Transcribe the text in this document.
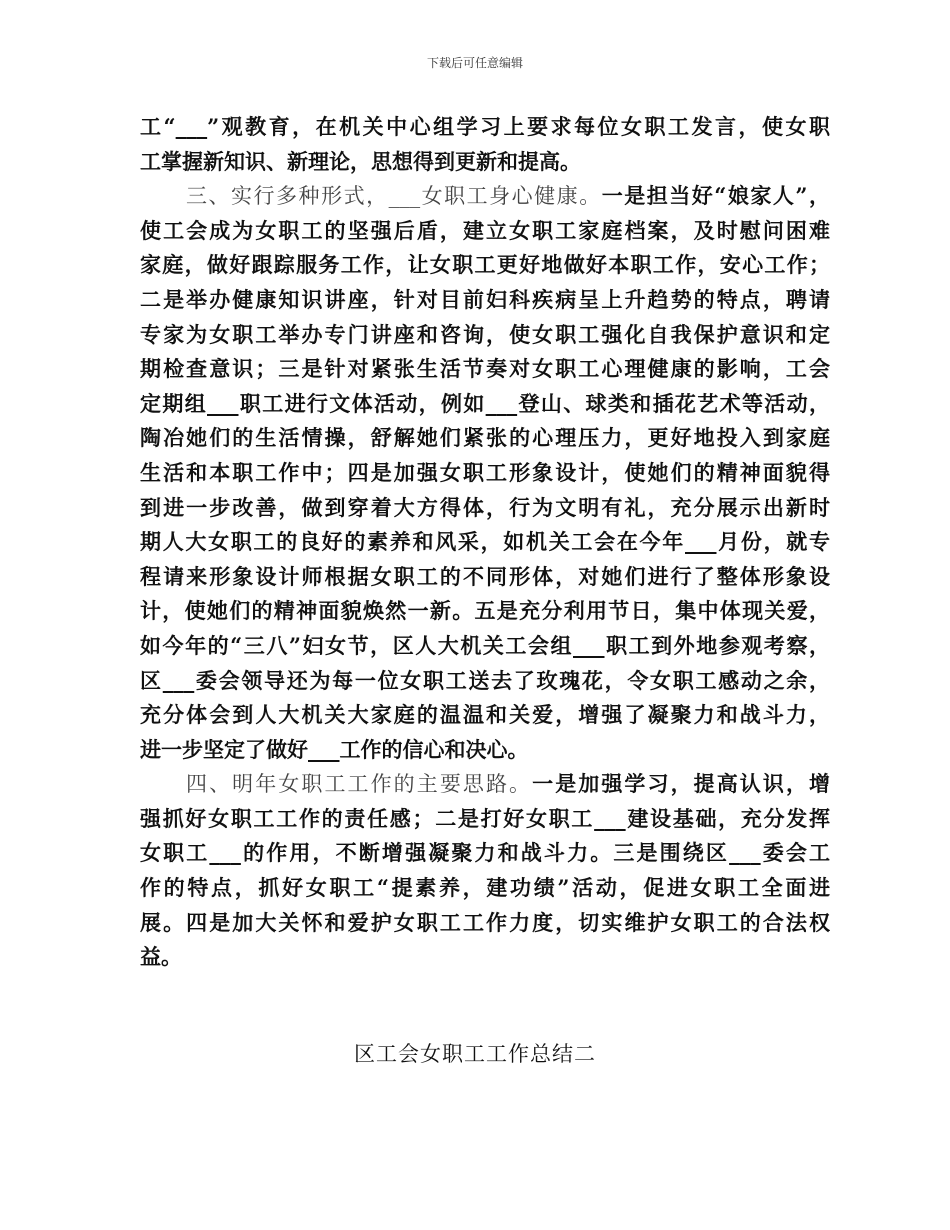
下载后可任意编辑
工“___”观教育，在机关中心组学习上要求每位女职工发言，使女职
工掌握新知识、新理论，思想得到更新和提高。
三、实行多种形式，___女职工身心健康。一是担当好“娘家人”，
使工会成为女职工的坚强后盾，建立女职工家庭档案，及时慰问困难
家庭，做好跟踪服务工作，让女职工更好地做好本职工作，安心工作；
二是举办健康知识讲座，针对目前妇科疾病呈上升趋势的特点，聘请
专家为女职工举办专门讲座和咨询，使女职工强化自我保护意识和定
期检查意识；三是针对紧张生活节奏对女职工心理健康的影响，工会
定期组___职工进行文体活动，例如___登山、球类和插花艺术等活动，
陶冶她们的生活情操，舒解她们紧张的心理压力，更好地投入到家庭
生活和本职工作中；四是加强女职工形象设计，使她们的精神面貌得
到进一步改善，做到穿着大方得体，行为文明有礼，充分展示出新时
期人大女职工的良好的素养和风采，如机关工会在今年___月份，就专
程请来形象设计师根据女职工的不同形体，对她们进行了整体形象设
计，使她们的精神面貌焕然一新。五是充分利用节日，集中体现关爱，
如今年的“三八”妇女节，区人大机关工会组___职工到外地参观考察，
区___委会领导还为每一位女职工送去了玫瑰花，令女职工感动之余，
充分体会到人大机关大家庭的温温和关爱，增强了凝聚力和战斗力，
进一步坚定了做好___工作的信心和决心。
四、明年女职工工作的主要思路。一是加强学习，提高认识，增
强抓好女职工工作的责任感；二是打好女职工___建设基础，充分发挥
女职工___的作用，不断增强凝聚力和战斗力。三是围绕区___委会工
作的特点，抓好女职工“提素养，建功绩”活动，促进女职工全面进
展。四是加大关怀和爱护女职工工作力度，切实维护女职工的合法权
益。
区工会女职工工作总结二
